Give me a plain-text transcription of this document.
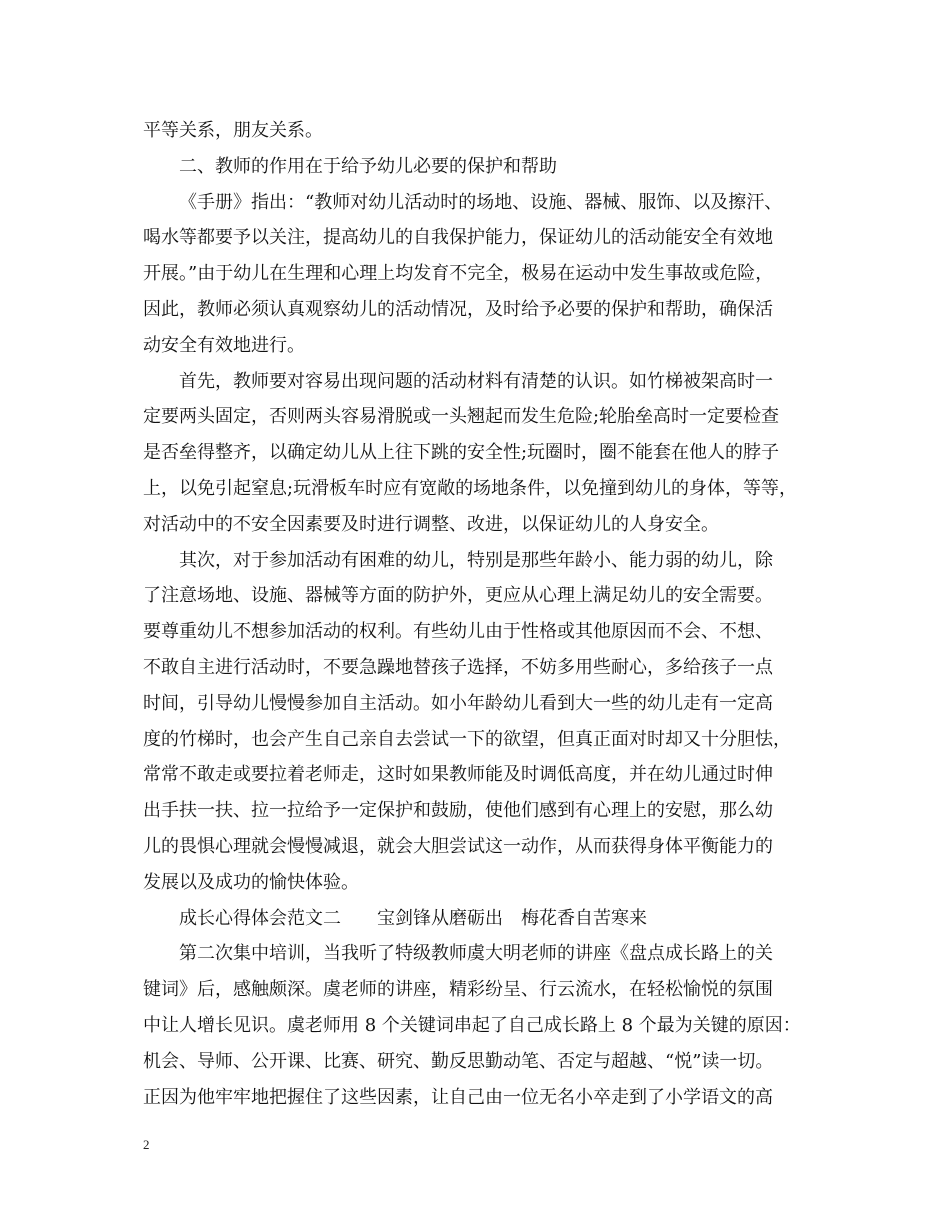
平等关系，朋友关系。
二、教师的作用在于给予幼儿必要的保护和帮助
《手册》指出：“教师对幼儿活动时的场地、设施、器械、服饰、以及擦汗、
喝水等都要予以关注，提高幼儿的自我保护能力，保证幼儿的活动能安全有效地
开展。”由于幼儿在生理和心理上均发育不完全，极易在运动中发生事故或危险，
因此，教师必须认真观察幼儿的活动情况，及时给予必要的保护和帮助，确保活
动安全有效地进行。
首先，教师要对容易出现问题的活动材料有清楚的认识。如竹梯被架高时一
定要两头固定，否则两头容易滑脱或一头翘起而发生危险;轮胎垒高时一定要检查
是否垒得整齐，以确定幼儿从上往下跳的安全性;玩圈时，圈不能套在他人的脖子
上，以免引起窒息;玩滑板车时应有宽敞的场地条件，以免撞到幼儿的身体，等等，
对活动中的不安全因素要及时进行调整、改进，以保证幼儿的人身安全。
其次，对于参加活动有困难的幼儿，特别是那些年龄小、能力弱的幼儿，除
了注意场地、设施、器械等方面的防护外，更应从心理上满足幼儿的安全需要。
要尊重幼儿不想参加活动的权利。有些幼儿由于性格或其他原因而不会、不想、
不敢自主进行活动时，不要急躁地替孩子选择，不妨多用些耐心，多给孩子一点
时间，引导幼儿慢慢参加自主活动。如小年龄幼儿看到大一些的幼儿走有一定高
度的竹梯时，也会产生自己亲自去尝试一下的欲望，但真正面对时却又十分胆怯，
常常不敢走或要拉着老师走，这时如果教师能及时调低高度，并在幼儿通过时伸
出手扶一扶、拉一拉给予一定保护和鼓励，使他们感到有心理上的安慰，那么幼
儿的畏惧心理就会慢慢减退，就会大胆尝试这一动作，从而获得身体平衡能力的
发展以及成功的愉快体验。
成长心得体会范文二　　宝剑锋从磨砺出　梅花香自苦寒来
第二次集中培训，当我听了特级教师虞大明老师的讲座《盘点成长路上的关
键词》后，感触颇深。虞老师的讲座，精彩纷呈、行云流水，在轻松愉悦的氛围
中让人增长见识。虞老师用 8 个关键词串起了自己成长路上 8 个最为关键的原因：
机会、导师、公开课、比赛、研究、勤反思勤动笔、否定与超越、“悦”读一切。
正因为他牢牢地把握住了这些因素，让自己由一位无名小卒走到了小学语文的高
2
